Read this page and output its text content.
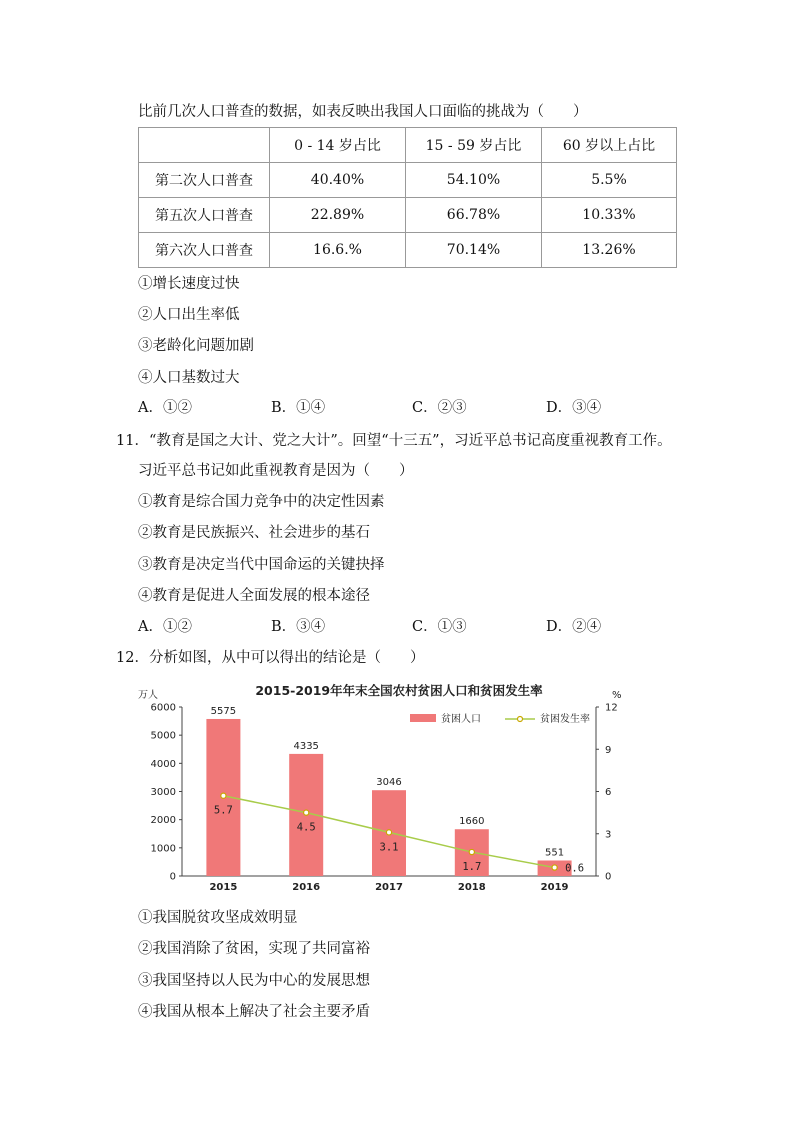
比前几次人口普查的数据，如表反映出我国人口面临的挑战为（　　）
	0 - 14 岁占比	15 - 59 岁占比	60 岁以上占比
第二次人口普查	40.40%	54.10%	5.5%
第五次人口普查	22.89%	66.78%	10.33%
第六次人口普查	16.6.%	70.14%	13.26%
①增长速度过快
②人口出生率低
③老龄化问题加剧
④人口基数过大
A．①②	B．①④	C．②③	D．③④
11．“教育是国之大计、党之大计”。回望“十三五”，习近平总书记高度重视教育工作。
习近平总书记如此重视教育是因为（　　）
①教育是综合国力竞争中的决定性因素
②教育是民族振兴、社会进步的基石
③教育是决定当代中国命运的关键抉择
④教育是促进人全面发展的根本途径
A．①②	B．③④	C．①③	D．②④
12．分析如图，从中可以得出的结论是（　　）
2015-2019年年末全国农村贫困人口和贫困发生率
万人	%
0
1000
2000
3000
4000
5000
6000
0
3
6
9
12
5575
2015
4335
2016
3046
2017
1660
2018
551
2019
5.7
4.5
3.1
1.7	0.6
贫困人口	贫困发生率
①我国脱贫攻坚成效明显
②我国消除了贫困，实现了共同富裕
③我国坚持以人民为中心的发展思想
④我国从根本上解决了社会主要矛盾
